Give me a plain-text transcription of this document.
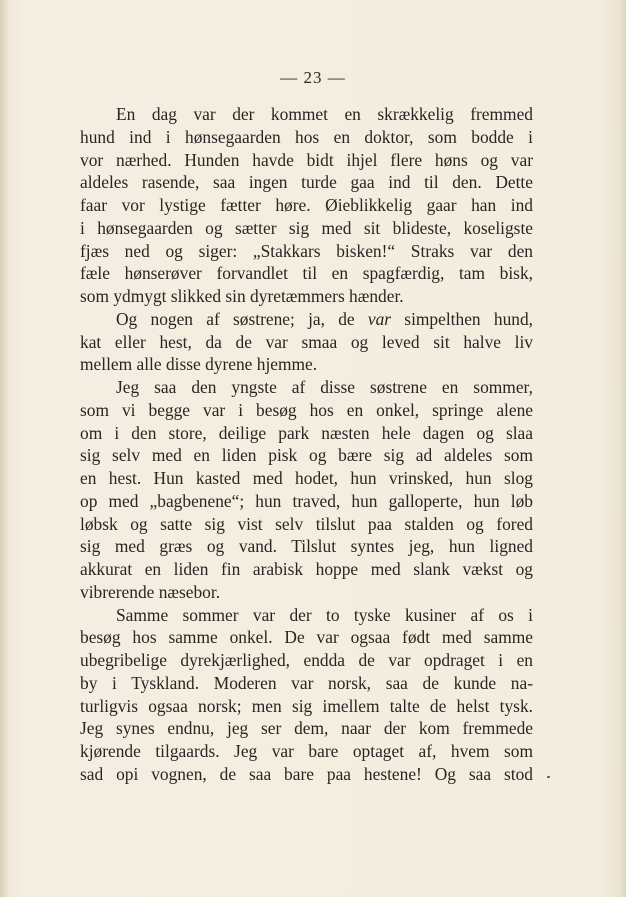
— 23 —
En dag var der kommet en skrækkelig fremmed
hund ind i hønsegaarden hos en doktor, som bodde i
vor nærhed. Hunden havde bidt ihjel flere høns og var
aldeles rasende, saa ingen turde gaa ind til den. Dette
faar vor lystige fætter høre. Øieblikkelig gaar han ind
i hønsegaarden og sætter sig med sit blideste, koseligste
fjæs ned og siger: „Stakkars bisken!“ Straks var den
fæle hønserøver forvandlet til en spagfærdig, tam bisk,
som ydmygt slikked sin dyretæmmers hænder.
Og nogen af søstrene; ja, de var simpelthen hund,
kat eller hest, da de var smaa og leved sit halve liv
mellem alle disse dyrene hjemme.
Jeg saa den yngste af disse søstrene en sommer,
som vi begge var i besøg hos en onkel, springe alene
om i den store, deilige park næsten hele dagen og slaa
sig selv med en liden pisk og bære sig ad aldeles som
en hest. Hun kasted med hodet, hun vrinsked, hun slog
op med „bagbenene“; hun traved, hun galloperte, hun løb
løbsk og satte sig vist selv tilslut paa stalden og fored
sig med græs og vand. Tilslut syntes jeg, hun ligned
akkurat en liden fin arabisk hoppe med slank vækst og
vibrerende næsebor.
Samme sommer var der to tyske kusiner af os i
besøg hos samme onkel. De var ogsaa født med samme
ubegribelige dyrekjærlighed, endda de var opdraget i en
by i Tyskland. Moderen var norsk, saa de kunde na-
turligvis ogsaa norsk; men sig imellem talte de helst tysk.
Jeg synes endnu, jeg ser dem, naar der kom fremmede
kjørende tilgaards. Jeg var bare optaget af, hvem som
sad opi vognen, de saa bare paa hestene! Og saa stod
